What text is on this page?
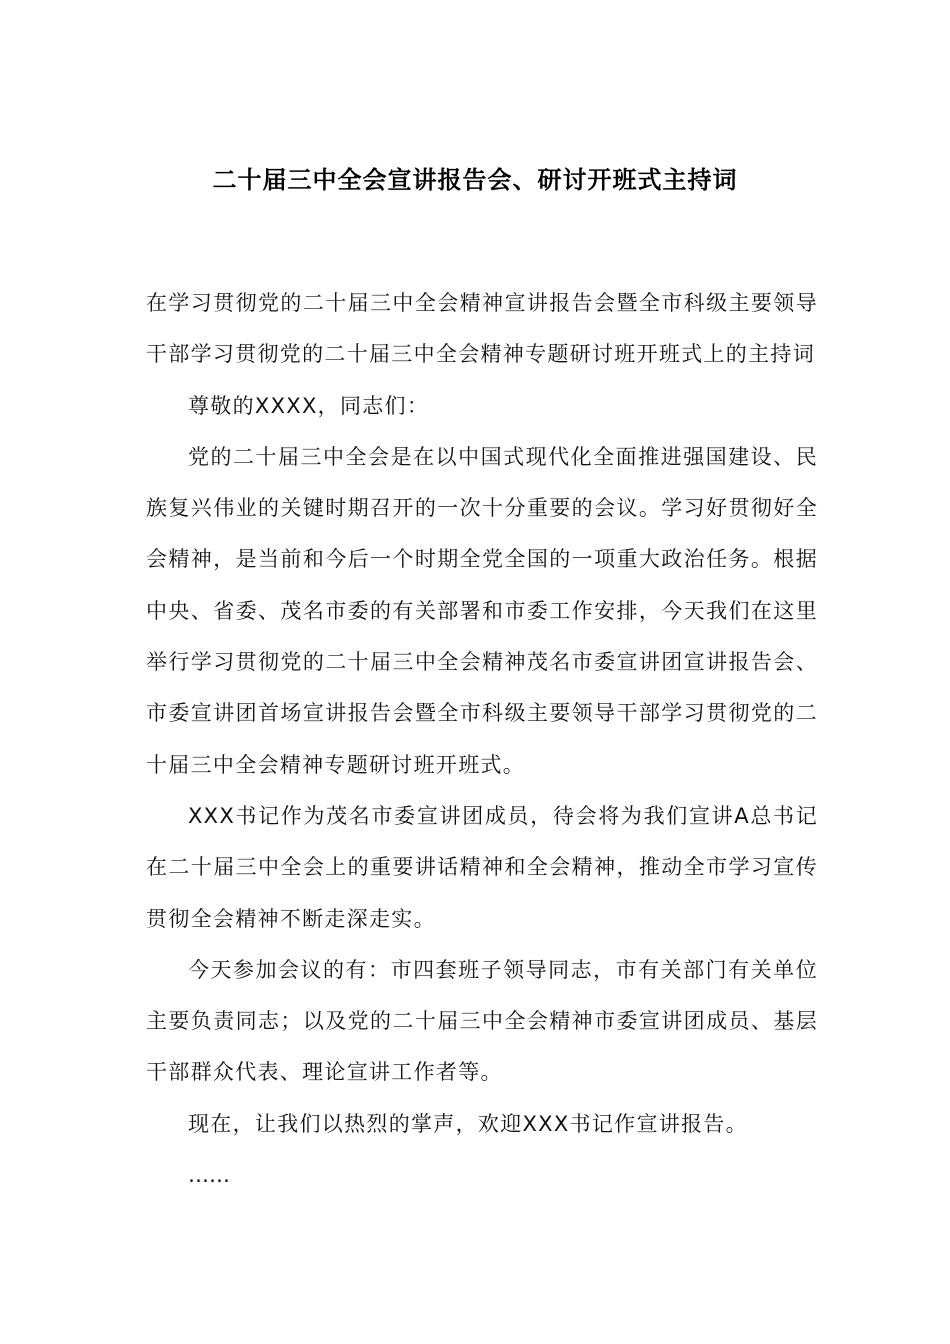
二十届三中全会宣讲报告会、研讨开班式主持词

在学习贯彻党的二十届三中全会精神宣讲报告会暨全市科级主要领导干部学习贯彻党的二十届三中全会精神专题研讨班开班式上的主持词

尊敬的XXXX，同志们：

党的二十届三中全会是在以中国式现代化全面推进强国建设、民族复兴伟业的关键时期召开的一次十分重要的会议。学习好贯彻好全会精神，是当前和今后一个时期全党全国的一项重大政治任务。根据中央、省委、茂名市委的有关部署和市委工作安排，今天我们在这里举行学习贯彻党的二十届三中全会精神茂名市委宣讲团宣讲报告会、市委宣讲团首场宣讲报告会暨全市科级主要领导干部学习贯彻党的二十届三中全会精神专题研讨班开班式。

XXX书记作为茂名市委宣讲团成员，待会将为我们宣讲A总书记在二十届三中全会上的重要讲话精神和全会精神，推动全市学习宣传贯彻全会精神不断走深走实。

今天参加会议的有：市四套班子领导同志，市有关部门有关单位主要负责同志；以及党的二十届三中全会精神市委宣讲团成员、基层干部群众代表、理论宣讲工作者等。

现在，让我们以热烈的掌声，欢迎XXX书记作宣讲报告。

……
